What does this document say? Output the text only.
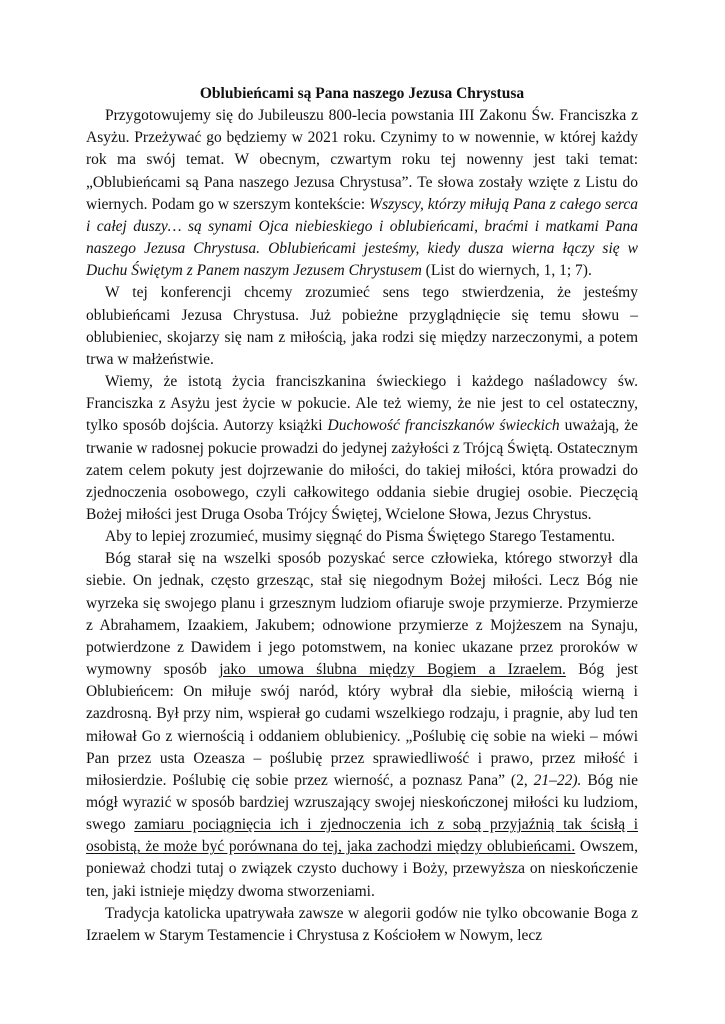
Oblubieńcami są Pana naszego Jezusa Chrystusa

Przygotowujemy się do Jubileuszu 800-lecia powstania III Zakonu Św. Franciszka z Asyżu. Przeżywać go będziemy w 2021 roku. Czynimy to w nowennie, w której każdy rok ma swój temat. W obecnym, czwartym roku tej nowenny jest taki temat: „Oblubieńcami są Pana naszego Jezusa Chrystusa”. Te słowa zostały wzięte z Listu do wiernych. Podam go w szerszym kontekście: Wszyscy, którzy miłują Pana z całego serca i całej duszy… są synami Ojca niebieskiego i oblubieńcami, braćmi i matkami Pana naszego Jezusa Chrystusa. Oblubieńcami jesteśmy, kiedy dusza wierna łączy się w Duchu Świętym z Panem naszym Jezusem Chrystusem (List do wiernych, 1, 1; 7).

W tej konferencji chcemy zrozumieć sens tego stwierdzenia, że jesteśmy oblubieńcami Jezusa Chrystusa. Już pobieżne przyglądnięcie się temu słowu – oblubieniec, skojarzy się nam z miłością, jaka rodzi się między narzeczonymi, a potem trwa w małżeństwie.

Wiemy, że istotą życia franciszkanina świeckiego i każdego naśladowcy św. Franciszka z Asyżu jest życie w pokucie. Ale też wiemy, że nie jest to cel ostateczny, tylko sposób dojścia. Autorzy książki Duchowość franciszkanów świeckich uważają, że trwanie w radosnej pokucie prowadzi do jedynej zażyłości z Trójcą Świętą. Ostatecznym zatem celem pokuty jest dojrzewanie do miłości, do takiej miłości, która prowadzi do zjednoczenia osobowego, czyli całkowitego oddania siebie drugiej osobie. Pieczęcią Bożej miłości jest Druga Osoba Trójcy Świętej, Wcielone Słowa, Jezus Chrystus.

Aby to lepiej zrozumieć, musimy sięgnąć do Pisma Świętego Starego Testamentu.

Bóg starał się na wszelki sposób pozyskać serce człowieka, którego stworzył dla siebie. On jednak, często grzesząc, stał się niegodnym Bożej miłości. Lecz Bóg nie wyrzeka się swojego planu i grzesznym ludziom ofiaruje swoje przymierze. Przymierze z Abrahamem, Izaakiem, Jakubem; odnowione przymierze z Mojżeszem na Synaju, potwierdzone z Dawidem i jego potomstwem, na koniec ukazane przez proroków w wymowny sposób jako umowa ślubna między Bogiem a Izraelem. Bóg jest Oblubieńcem: On miłuje swój naród, który wybrał dla siebie, miłością wierną i zazdrosną. Był przy nim, wspierał go cudami wszelkiego rodzaju, i pragnie, aby lud ten miłował Go z wiernością i oddaniem oblubienicy. „Poślubię cię sobie na wieki – mówi Pan przez usta Ozeasza – poślubię przez sprawiedliwość i prawo, przez miłość i miłosierdzie. Poślubię cię sobie przez wierność, a poznasz Pana” (2, 21–22). Bóg nie mógł wyrazić w sposób bardziej wzruszający swojej nieskończonej miłości ku ludziom, swego zamiaru pociągnięcia ich i zjednoczenia ich z sobą przyjaźnią tak ścisłą i osobistą, że może być porównana do tej, jaka zachodzi między oblubieńcami. Owszem, ponieważ chodzi tutaj o związek czysto duchowy i Boży, przewyższa on nieskończenie ten, jaki istnieje między dwoma stworzeniami.

Tradycja katolicka upatrywała zawsze w alegorii godów nie tylko obcowanie Boga z Izraelem w Starym Testamencie i Chrystusa z Kościołem w Nowym, lecz
